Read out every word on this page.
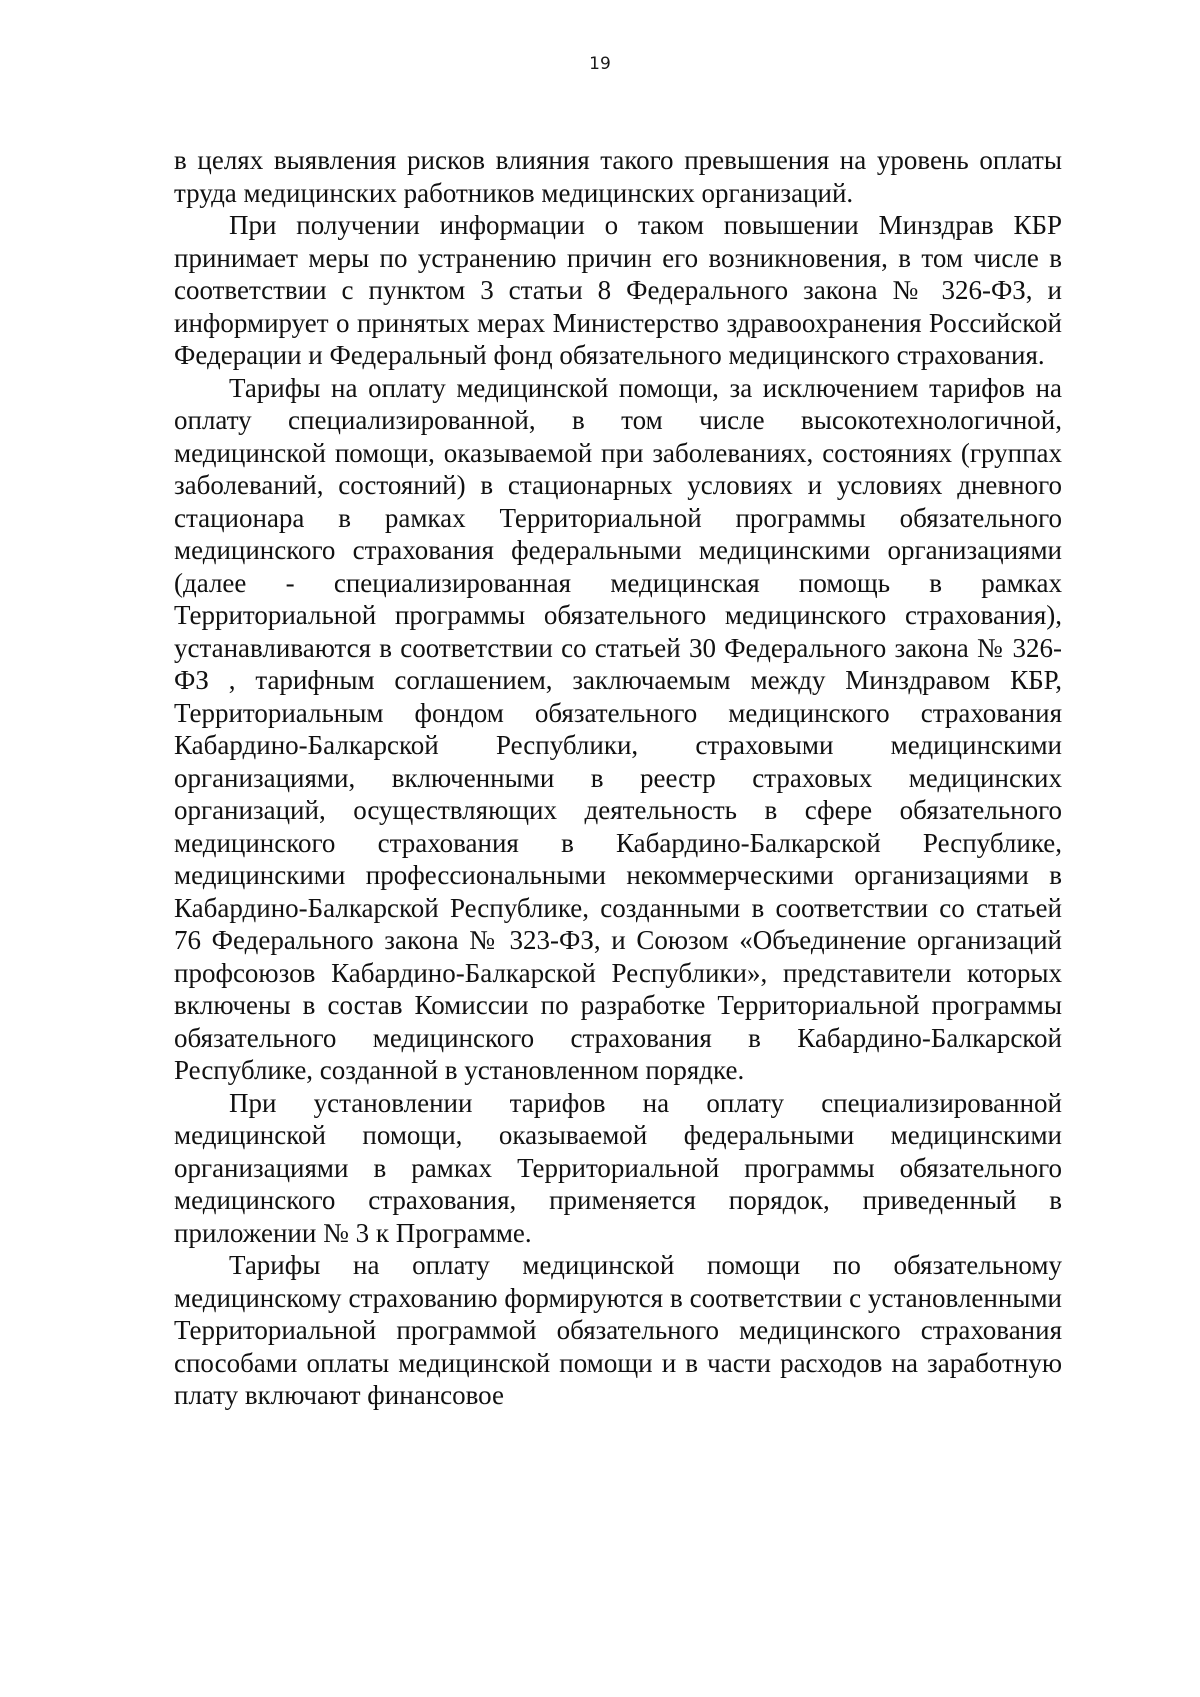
19

в целях выявления рисков влияния такого превышения на уровень оплаты труда медицинских работников медицинских организаций.

При получении информации о таком повышении Минздрав КБР принимает меры по устранению причин его возникновения, в том числе в соответствии с пунктом 3 статьи 8 Федерального закона № 326-ФЗ, и информирует о принятых мерах Министерство здравоохранения Российской Федерации и Федеральный фонд обязательного медицинского страхования.

Тарифы на оплату медицинской помощи, за исключением тарифов на оплату специализированной, в том числе высокотехнологичной, медицинской помощи, оказываемой при заболеваниях, состояниях (группах заболеваний, состояний) в стационарных условиях и условиях дневного стационара в рамках Территориальной программы обязательного медицинского страхования федеральными медицинскими организациями (далее - специализированная медицинская помощь в рамках Территориальной программы обязательного медицинского страхования), устанавливаются в соответствии со статьей 30 Федерального закона № 326-ФЗ , тарифным соглашением, заключаемым между Минздравом КБР, Территориальным фондом обязательного медицинского страхования Кабардино-Балкарской Республики, страховыми медицинскими организациями, включенными в реестр страховых медицинских организаций, осуществляющих деятельность в сфере обязательного медицинского страхования в Кабардино-Балкарской Республике, медицинскими профессиональными некоммерческими организациями в Кабардино-Балкарской Республике, созданными в соответствии со статьей 76 Федерального закона № 323-ФЗ, и Союзом «Объединение организаций профсоюзов Кабардино-Балкарской Республики», представители которых включены в состав Комиссии по разработке Территориальной программы обязательного медицинского страхования в Кабардино-Балкарской Республике, созданной в установленном порядке.

При установлении тарифов на оплату специализированной медицинской помощи, оказываемой федеральными медицинскими организациями в рамках Территориальной программы обязательного медицинского страхования, применяется порядок, приведенный в приложении № 3 к Программе.

Тарифы на оплату медицинской помощи по обязательному медицинскому страхованию формируются в соответствии с установленными Территориальной программой обязательного медицинского страхования способами оплаты медицинской помощи и в части расходов на заработную плату включают финансовое
